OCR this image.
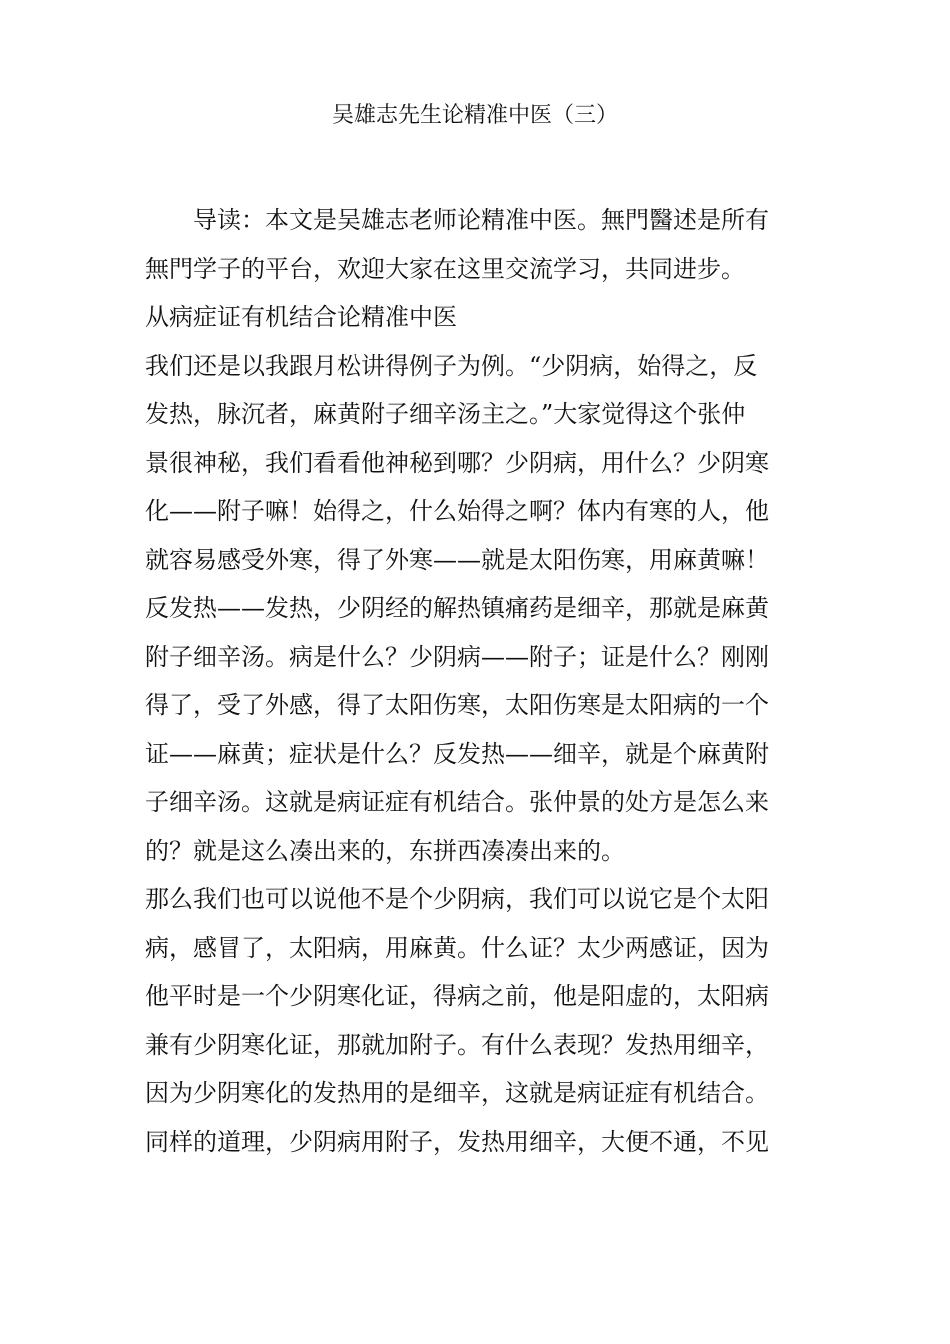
吴雄志先生论精准中医（三）
导读：本文是吴雄志老师论精准中医。無門醫述是所有
無門学子的平台，欢迎大家在这里交流学习，共同进步。
从病症证有机结合论精准中医
我们还是以我跟月松讲得例子为例。“少阴病，始得之，反
发热，脉沉者，麻黄附子细辛汤主之。”大家觉得这个张仲
景很神秘，我们看看他神秘到哪？少阴病，用什么？少阴寒
化——附子嘛！始得之，什么始得之啊？体内有寒的人，他
就容易感受外寒，得了外寒——就是太阳伤寒，用麻黄嘛！
反发热——发热，少阴经的解热镇痛药是细辛，那就是麻黄
附子细辛汤。病是什么？少阴病——附子；证是什么？刚刚
得了，受了外感，得了太阳伤寒，太阳伤寒是太阳病的一个
证——麻黄；症状是什么？反发热——细辛，就是个麻黄附
子细辛汤。这就是病证症有机结合。张仲景的处方是怎么来
的？就是这么凑出来的，东拼西凑凑出来的。
那么我们也可以说他不是个少阴病，我们可以说它是个太阳
病，感冒了，太阳病，用麻黄。什么证？太少两感证，因为
他平时是一个少阴寒化证，得病之前，他是阳虚的，太阳病
兼有少阴寒化证，那就加附子。有什么表现？发热用细辛，
因为少阴寒化的发热用的是细辛，这就是病证症有机结合。
同样的道理，少阴病用附子，发热用细辛，大便不通，不见
